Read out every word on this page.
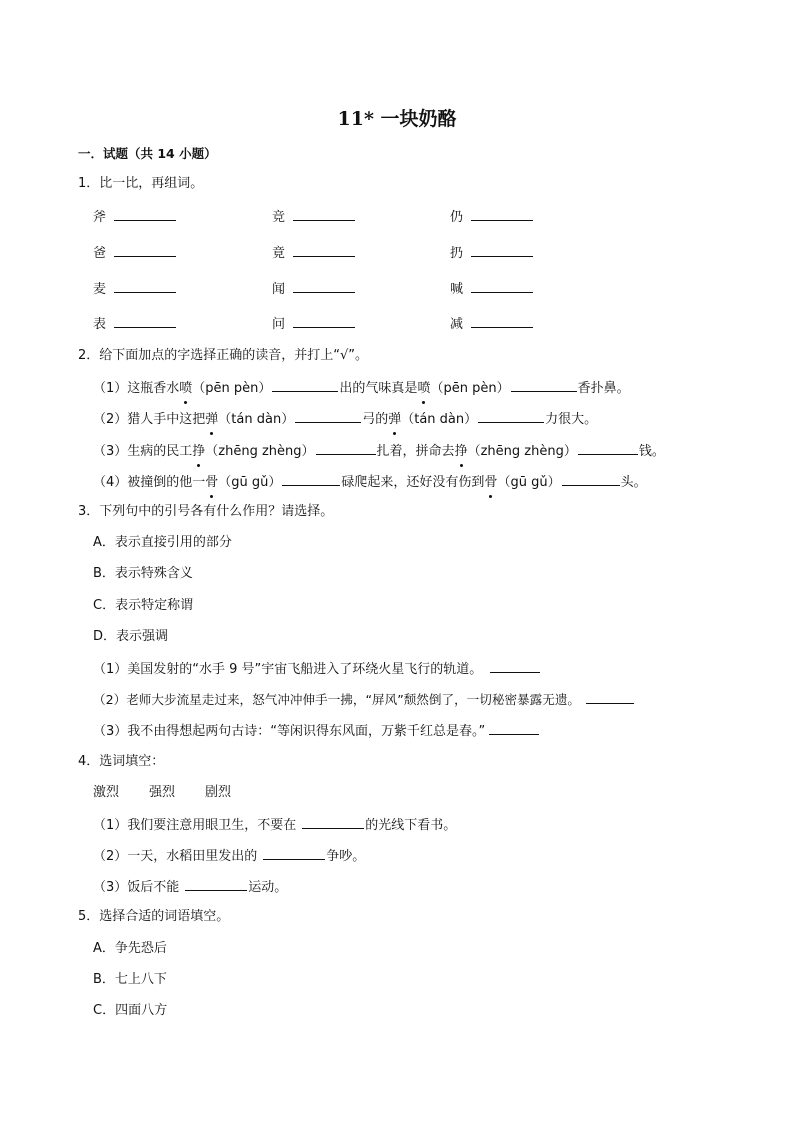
11* 一块奶酪
一．试题（共 14 小题）
1．比一比，再组词。
斧	竞	仍
爸	竟	扔
麦	闻	喊
表	问	减
2．给下面加点的字选择正确的读音，并打上“√”。
（1）这瓶香水喷
（pēn pèn）	出的气味真是喷
（pēn pèn）	香扑鼻。
（2）猎人手中这把弹
（tán dàn）	弓的弹
（tán dàn）	力很大。
（3）生病的民工挣
（zhēng zhèng）	扎着，拼命去挣
（zhēng zhèng）	钱。
（4）被撞倒的他一骨
（gū gǔ）	碌爬起来，还好没有伤到骨
（gū gǔ）	头。
3．下列句中的引号各有什么作用？请选择。
A．表示直接引用的部分
B．表示特殊含义
C．表示特定称谓
D．表示强调
（1）美国发射的“水手 9 号”宇宙飞船进入了环绕火星飞行的轨道。
（2）老师大步流星走过来，怒气冲冲伸手一拂，“屏风”颓然倒了，一切秘密暴露无遗。
（3）我不由得想起两句古诗：“等闲识得东风面，万紫千红总是春。”
4．选词填空：
激烈 强烈 剧烈
（1）我们要注意用眼卫生，不要在	的光线下看书。
（2）一天，水稻田里发出的	争吵。
（3）饭后不能	运动。
5．选择合适的词语填空。
A．争先恐后
B．七上八下
C．四面八方
